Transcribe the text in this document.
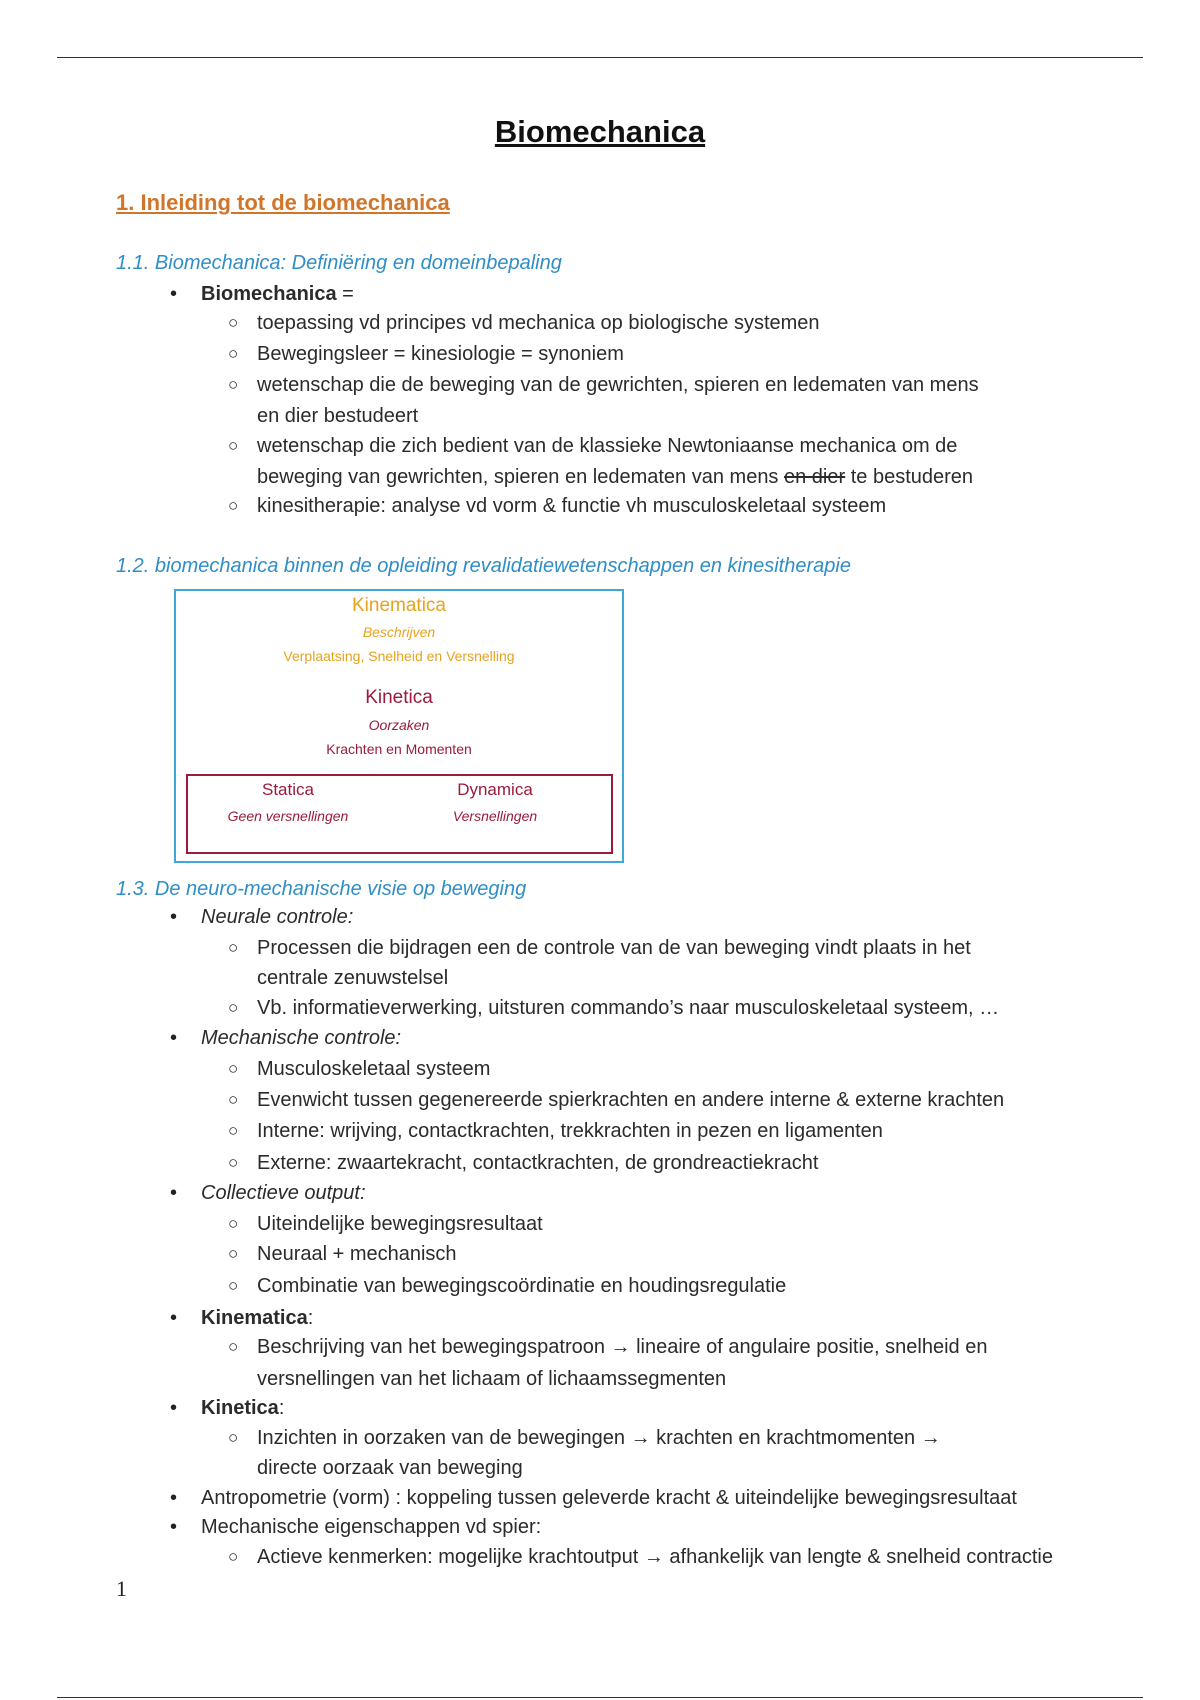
Biomechanica
1. Inleiding tot de biomechanica
1.1. Biomechanica: Definiëring en domeinbepaling
• Biomechanica =
○ toepassing vd principes vd mechanica op biologische systemen
○ Bewegingsleer = kinesiologie = synoniem
○ wetenschap die de beweging van de gewrichten, spieren en ledematen van mens
en dier bestudeert
○ wetenschap die zich bedient van de klassieke Newtoniaanse mechanica om de
beweging van gewrichten, spieren en ledematen van mens en dier te bestuderen
○ kinesitherapie: analyse vd vorm & functie vh musculoskeletaal systeem
1.2. biomechanica binnen de opleiding revalidatiewetenschappen en kinesitherapie
Kinematica
Beschrijven
Verplaatsing, Snelheid en Versnelling
Kinetica
Oorzaken
Krachten en Momenten
Statica
Geen versnellingen
Dynamica
Versnellingen
1.3. De neuro-mechanische visie op beweging
• Neurale controle:
○ Processen die bijdragen een de controle van de van beweging vindt plaats in het
centrale zenuwstelsel
○ Vb. informatieverwerking, uitsturen commando’s naar musculoskeletaal systeem, …
• Mechanische controle:
○ Musculoskeletaal systeem
○ Evenwicht tussen gegenereerde spierkrachten en andere interne & externe krachten
○ Interne: wrijving, contactkrachten, trekkrachten in pezen en ligamenten
○ Externe: zwaartekracht, contactkrachten, de grondreactiekracht
• Collectieve output:
○ Uiteindelijke bewegingsresultaat
○ Neuraal + mechanisch
○ Combinatie van bewegingscoördinatie en houdingsregulatie
• Kinematica:
○ Beschrijving van het bewegingspatroon → lineaire of angulaire positie, snelheid en
versnellingen van het lichaam of lichaamssegmenten
• Kinetica:
○ Inzichten in oorzaken van de bewegingen → krachten en krachtmomenten →
directe oorzaak van beweging
• Antropometrie (vorm) : koppeling tussen geleverde kracht & uiteindelijke bewegingsresultaat
• Mechanische eigenschappen vd spier:
○ Actieve kenmerken: mogelijke krachtoutput → afhankelijk van lengte & snelheid contractie
1
